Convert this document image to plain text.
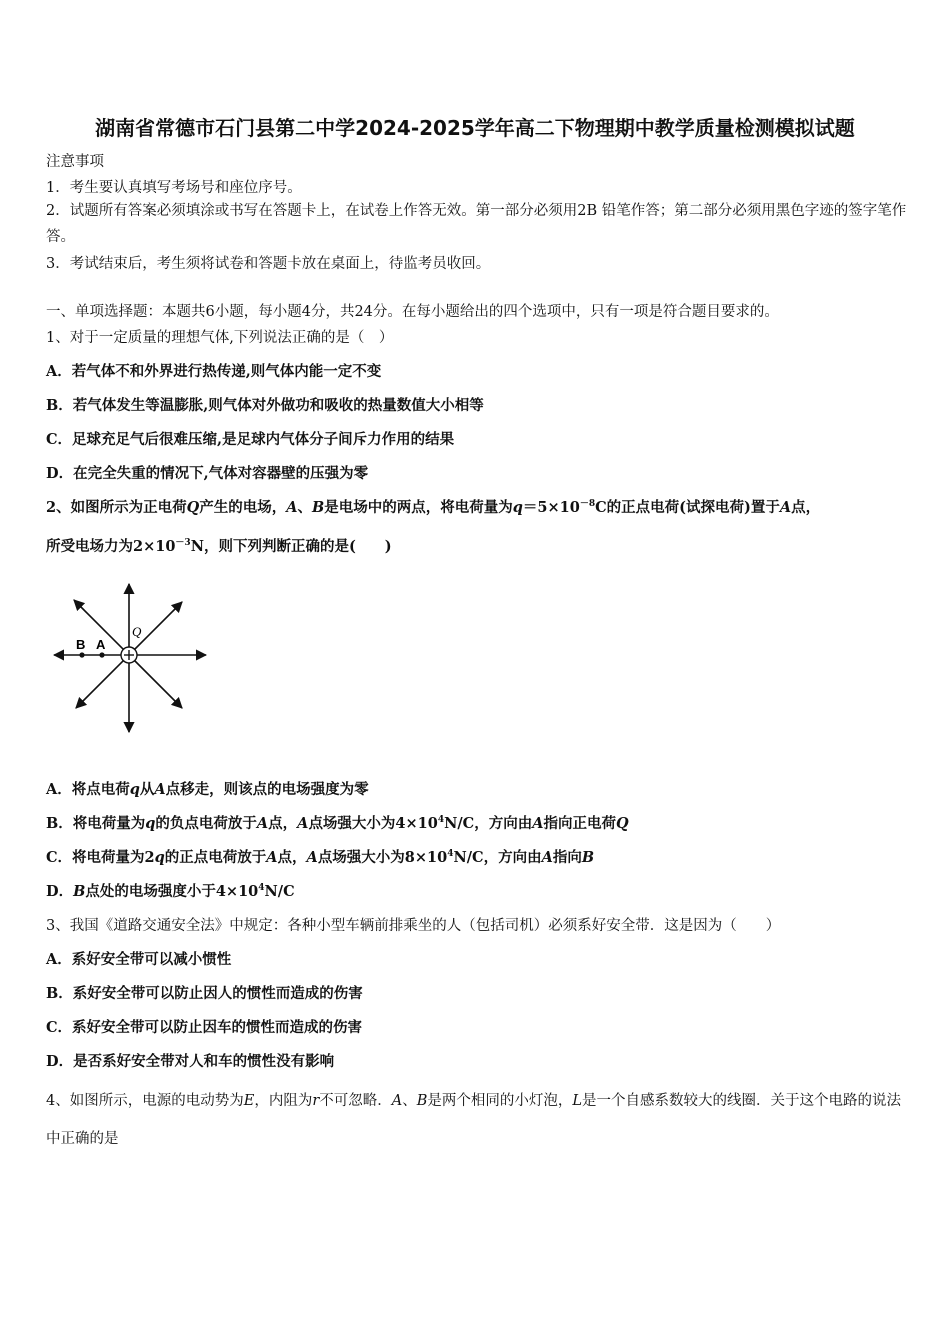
湖南省常德市石门县第二中学2024-2025学年高二下物理期中教学质量检测模拟试题
注意事项
1．考生要认真填写考场号和座位序号。
2．试题所有答案必须填涂或书写在答题卡上，在试卷上作答无效。第一部分必须用2B 铅笔作答；第二部分必须用黑色字迹的签字笔作答。
3．考试结束后，考生须将试卷和答题卡放在桌面上，待监考员收回。
一、单项选择题：本题共6小题，每小题4分，共24分。在每小题给出的四个选项中，只有一项是符合题目要求的。
1、对于一定质量的理想气体,下列说法正确的是（　）
A．若气体不和外界进行热传递,则气体内能一定不变
B．若气体发生等温膨胀,则气体对外做功和吸收的热量数值大小相等
C．足球充足气后很难压缩,是足球内气体分子间斥力作用的结果
D．在完全失重的情况下,气体对容器壁的压强为零
2、如图所示为正电荷Q产生的电场，A、B是电场中的两点，将电荷量为$q=5\times 10^{-8}C$的正点电荷(试探电荷)置于A点，
所受电场力为$2\times 10^{-3}N$，则下列判断正确的是(　　)
B A
Q
A．将点电荷q从A点移走，则该点的电场强度为零
B．将电荷量为q的负点电荷放于A点，A点场强大小为$4\times 10^4N/C$，方向由A指向正电荷Q
C．将电荷量为2q的正点电荷放于A点，A点场强大小为$8\times 10^4N/C$，方向由A指向B
D．B点处的电场强度小于$4\times 10^4N/C$
3、我国《道路交通安全法》中规定：各种小型车辆前排乘坐的人（包括司机）必须系好安全带．这是因为（　　）
A．系好安全带可以减小惯性
B．系好安全带可以防止因人的惯性而造成的伤害
C．系好安全带可以防止因车的惯性而造成的伤害
D．是否系好安全带对人和车的惯性没有影响
4、如图所示，电源的电动势为E，内阻为r不可忽略．A、B是两个相同的小灯泡，L是一个自感系数较大的线圈．关于这个电路的说法中正确的是
